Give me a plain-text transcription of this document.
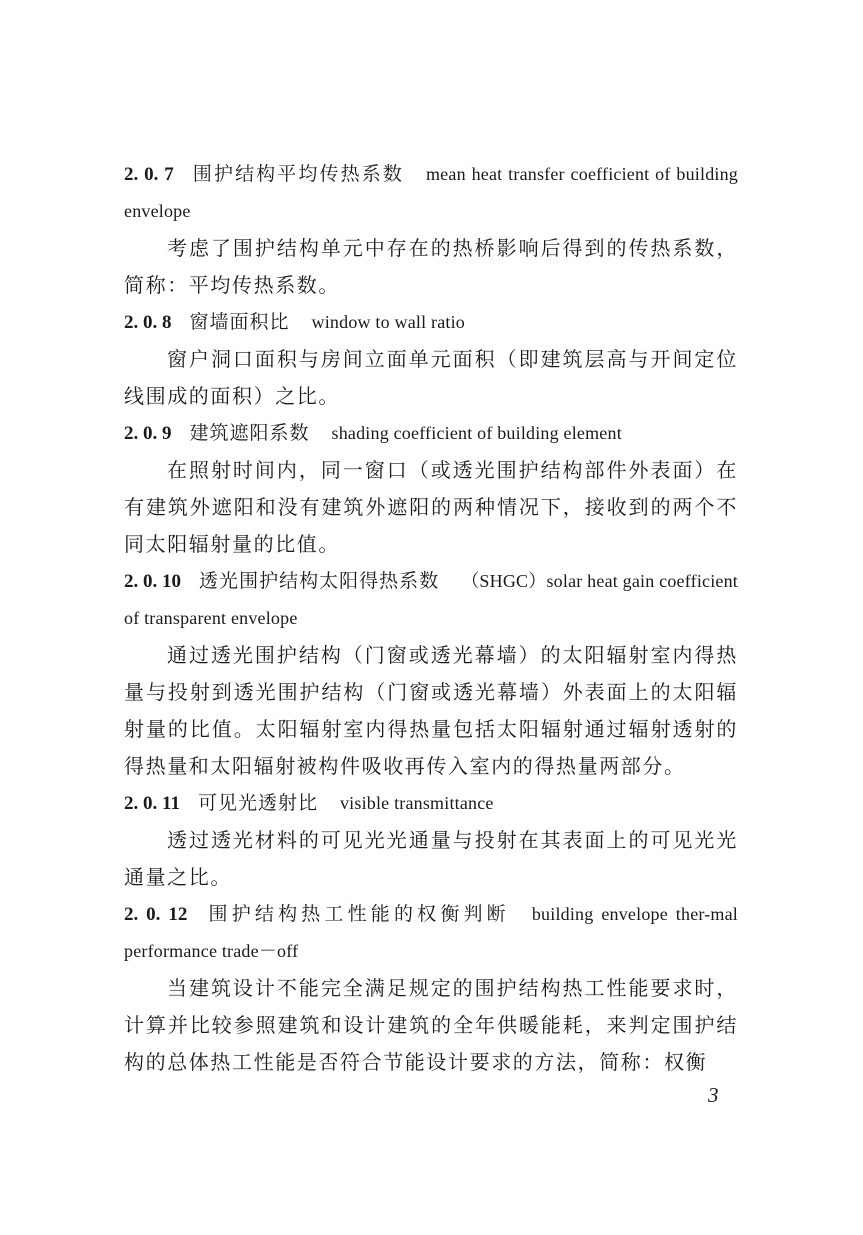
2. 0. 7 围护结构平均传热系数 mean heat transfer coefficient of building envelope

考虑了围护结构单元中存在的热桥影响后得到的传热系数，简称：平均传热系数。

2. 0. 8 窗墙面积比 window to wall ratio

窗户洞口面积与房间立面单元面积（即建筑层高与开间定位线围成的面积）之比。

2. 0. 9 建筑遮阳系数 shading coefficient of building element

在照射时间内，同一窗口（或透光围护结构部件外表面）在有建筑外遮阳和没有建筑外遮阳的两种情况下，接收到的两个不同太阳辐射量的比值。

2. 0. 10 透光围护结构太阳得热系数 （SHGC）solar heat gain coefficient of transparent envelope

通过透光围护结构（门窗或透光幕墙）的太阳辐射室内得热量与投射到透光围护结构（门窗或透光幕墙）外表面上的太阳辐射量的比值。太阳辐射室内得热量包括太阳辐射通过辐射透射的得热量和太阳辐射被构件吸收再传入室内的得热量两部分。

2. 0. 11 可见光透射比 visible transmittance

透过透光材料的可见光光通量与投射在其表面上的可见光光通量之比。

2. 0. 12 围护结构热工性能的权衡判断 building envelope ther-mal performance trade－off

当建筑设计不能完全满足规定的围护结构热工性能要求时，计算并比较参照建筑和设计建筑的全年供暖能耗，来判定围护结构的总体热工性能是否符合节能设计要求的方法，简称：权衡

3
